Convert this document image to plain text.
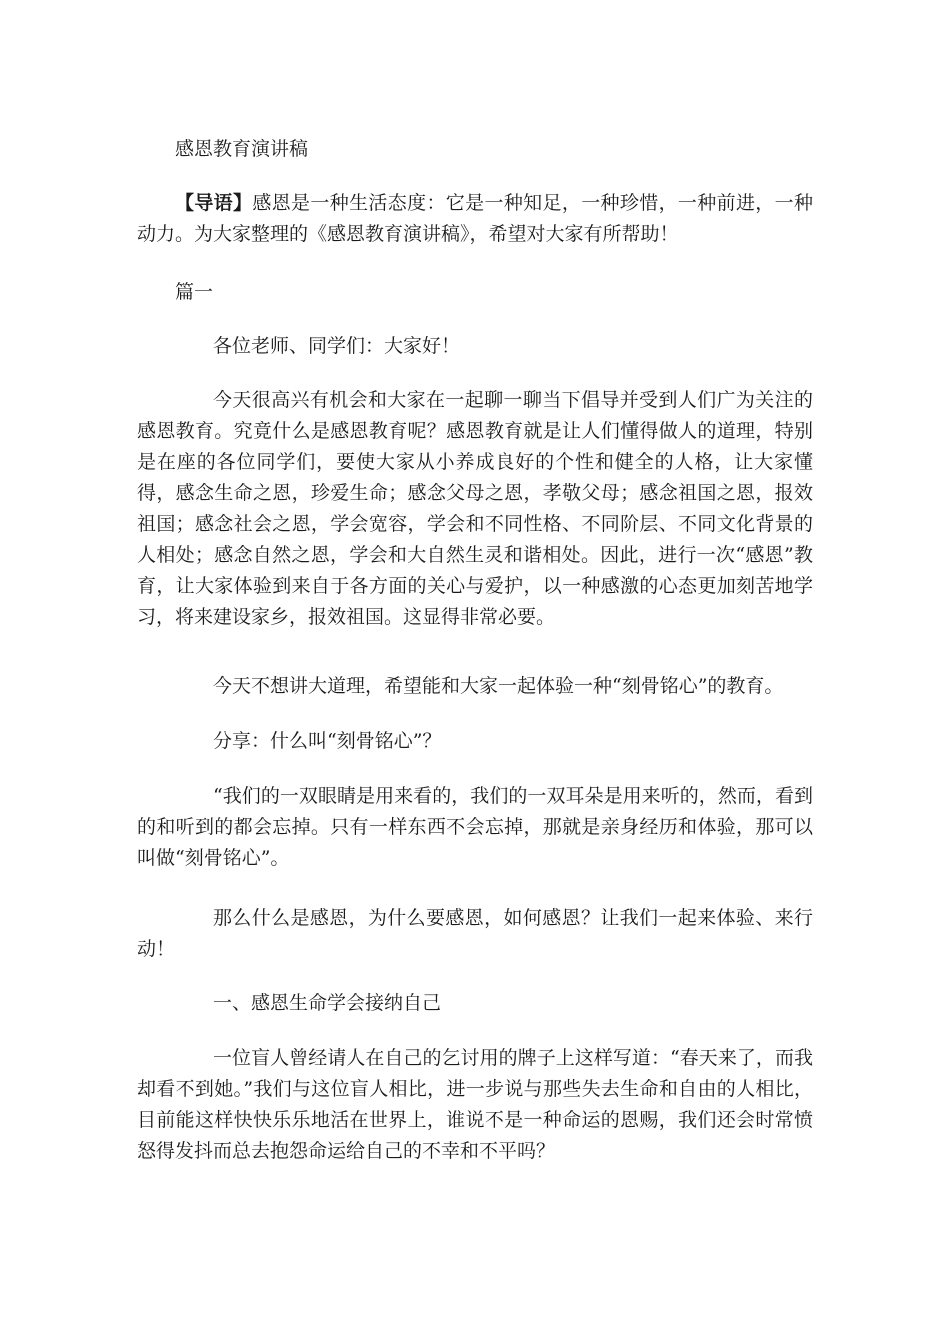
感恩教育演讲稿

【导语】感恩是一种生活态度：它是一种知足，一种珍惜，一种前进，一种动力。为大家整理的《感恩教育演讲稿》，希望对大家有所帮助！

篇一

各位老师、同学们：大家好！

今天很高兴有机会和大家在一起聊一聊当下倡导并受到人们广为关注的感恩教育。究竟什么是感恩教育呢？感恩教育就是让人们懂得做人的道理，特别是在座的各位同学们，要使大家从小养成良好的个性和健全的人格，让大家懂得，感念生命之恩，珍爱生命；感念父母之恩，孝敬父母；感念祖国之恩，报效祖国；感念社会之恩，学会宽容，学会和不同性格、不同阶层、不同文化背景的人相处；感念自然之恩，学会和大自然生灵和谐相处。因此，进行一次“感恩”教育，让大家体验到来自于各方面的关心与爱护，以一种感激的心态更加刻苦地学习，将来建设家乡，报效祖国。这显得非常必要。

今天不想讲大道理，希望能和大家一起体验一种“刻骨铭心”的教育。

分享：什么叫“刻骨铭心”？

“我们的一双眼睛是用来看的，我们的一双耳朵是用来听的，然而，看到的和听到的都会忘掉。只有一样东西不会忘掉，那就是亲身经历和体验，那可以叫做“刻骨铭心”。

那么什么是感恩，为什么要感恩，如何感恩？让我们一起来体验、来行动！

一、感恩生命学会接纳自己

一位盲人曾经请人在自己的乞讨用的牌子上这样写道：“春天来了，而我却看不到她。”我们与这位盲人相比，进一步说与那些失去生命和自由的人相比，目前能这样快快乐乐地活在世界上，谁说不是一种命运的恩赐，我们还会时常愤怒得发抖而总去抱怨命运给自己的不幸和不平吗？
